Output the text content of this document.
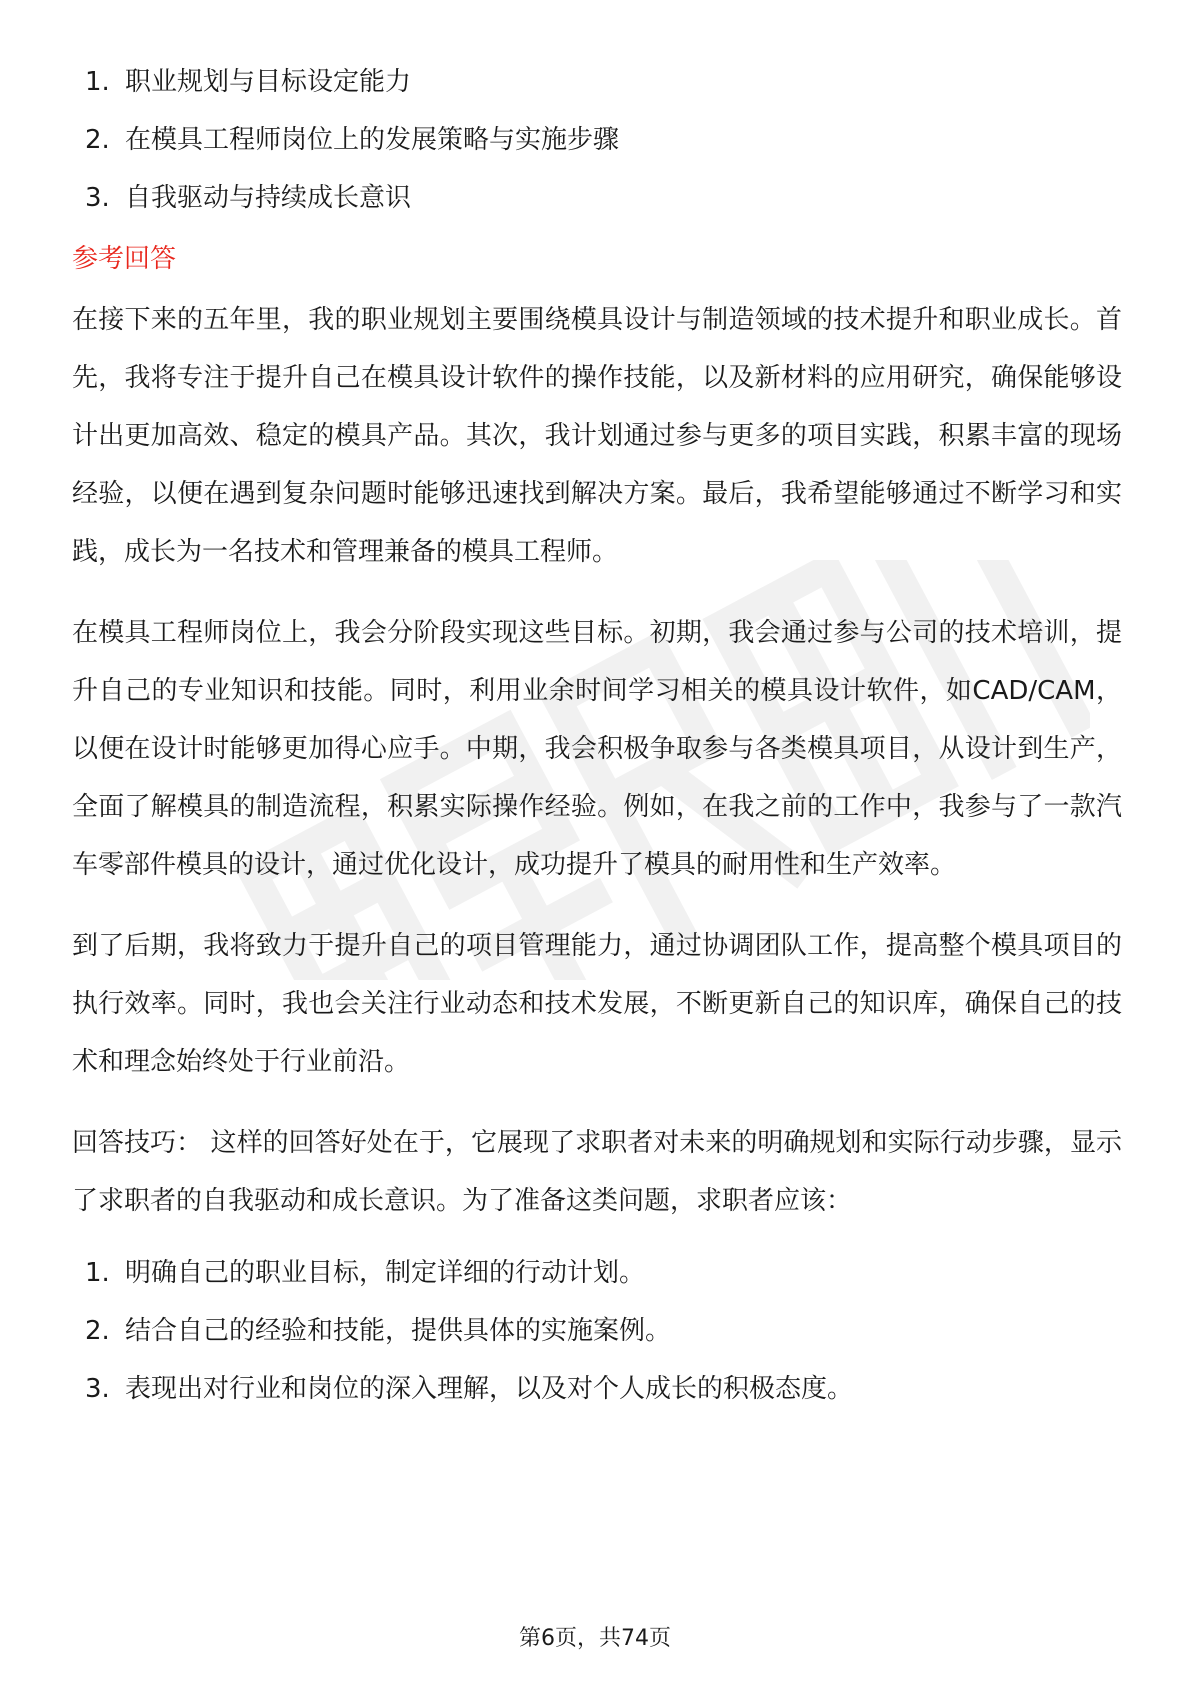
1. 职业规划与目标设定能力
2. 在模具工程师岗位上的发展策略与实施步骤
3. 自我驱动与持续成长意识
参考回答

在接下来的五年里，我的职业规划主要围绕模具设计与制造领域的技术提升和职业成长。首先，我将专注于提升自己在模具设计软件的操作技能，以及新材料的应用研究，确保能够设计出更加高效、稳定的模具产品。其次，我计划通过参与更多的项目实践，积累丰富的现场经验，以便在遇到复杂问题时能够迅速找到解决方案。最后，我希望能够通过不断学习和实践，成长为一名技术和管理兼备的模具工程师。

在模具工程师岗位上，我会分阶段实现这些目标。初期，我会通过参与公司的技术培训，提升自己的专业知识和技能。同时，利用业余时间学习相关的模具设计软件，如CAD/CAM，以便在设计时能够更加得心应手。中期，我会积极争取参与各类模具项目，从设计到生产，全面了解模具的制造流程，积累实际操作经验。例如，在我之前的工作中，我参与了一款汽车零部件模具的设计，通过优化设计，成功提升了模具的耐用性和生产效率。

到了后期，我将致力于提升自己的项目管理能力，通过协调团队工作，提高整个模具项目的执行效率。同时，我也会关注行业动态和技术发展，不断更新自己的知识库，确保自己的技术和理念始终处于行业前沿。

回答技巧： 这样的回答好处在于，它展现了求职者对未来的明确规划和实际行动步骤，显示了求职者的自我驱动和成长意识。为了准备这类问题，求职者应该：

1. 明确自己的职业目标，制定详细的行动计划。
2. 结合自己的经验和技能，提供具体的实施案例。
3. 表现出对行业和岗位的深入理解，以及对个人成长的积极态度。
第6页，共74页
